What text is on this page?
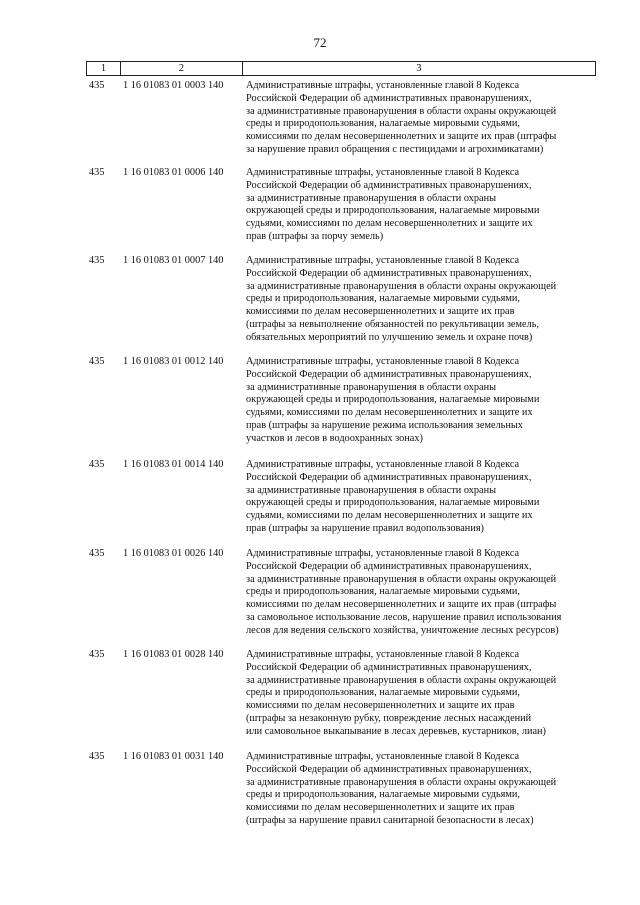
72
1	2	3
435	1 16 01083 01 0003 140	Административные штрафы, установленные главой 8 Кодекса
Российской Федерации об административных правонарушениях,
за административные правонарушения в области охраны окружающей
среды и природопользования, налагаемые мировыми судьями,
комиссиями по делам несовершеннолетних и защите их прав (штрафы
за нарушение правил обращения с пестицидами и агрохимикатами)
435	1 16 01083 01 0006 140	Административные штрафы, установленные главой 8 Кодекса
Российской Федерации об административных правонарушениях,
за административные правонарушения в области охраны
окружающей среды и природопользования, налагаемые мировыми
судьями, комиссиями по делам несовершеннолетних и защите их
прав (штрафы за порчу земель)
435	1 16 01083 01 0007 140	Административные штрафы, установленные главой 8 Кодекса
Российской Федерации об административных правонарушениях,
за административные правонарушения в области охраны окружающей
среды и природопользования, налагаемые мировыми судьями,
комиссиями по делам несовершеннолетних и защите их прав
(штрафы за невыполнение обязанностей по рекультивации земель,
обязательных мероприятий по улучшению земель и охране почв)
435	1 16 01083 01 0012 140	Административные штрафы, установленные главой 8 Кодекса
Российской Федерации об административных правонарушениях,
за административные правонарушения в области охраны
окружающей среды и природопользования, налагаемые мировыми
судьями, комиссиями по делам несовершеннолетних и защите их
прав (штрафы за нарушение режима использования земельных
участков и лесов в водоохранных зонах)
435	1 16 01083 01 0014 140	Административные штрафы, установленные главой 8 Кодекса
Российской Федерации об административных правонарушениях,
за административные правонарушения в области охраны
окружающей среды и природопользования, налагаемые мировыми
судьями, комиссиями по делам несовершеннолетних и защите их
прав (штрафы за нарушение правил водопользования)
435	1 16 01083 01 0026 140	Административные штрафы, установленные главой 8 Кодекса
Российской Федерации об административных правонарушениях,
за административные правонарушения в области охраны окружающей
среды и природопользования, налагаемые мировыми судьями,
комиссиями по делам несовершеннолетних и защите их прав (штрафы
за самовольное использование лесов, нарушение правил использования
лесов для ведения сельского хозяйства, уничтожение лесных ресурсов)
435	1 16 01083 01 0028 140	Административные штрафы, установленные главой 8 Кодекса
Российской Федерации об административных правонарушениях,
за административные правонарушения в области охраны окружающей
среды и природопользования, налагаемые мировыми судьями,
комиссиями по делам несовершеннолетних и защите их прав
(штрафы за незаконную рубку, повреждение лесных насаждений
или самовольное выкапывание в лесах деревьев, кустарников, лиан)
435	1 16 01083 01 0031 140	Административные штрафы, установленные главой 8 Кодекса
Российской Федерации об административных правонарушениях,
за административные правонарушения в области охраны окружающей
среды и природопользования, налагаемые мировыми судьями,
комиссиями по делам несовершеннолетних и защите их прав
(штрафы за нарушение правил санитарной безопасности в лесах)
